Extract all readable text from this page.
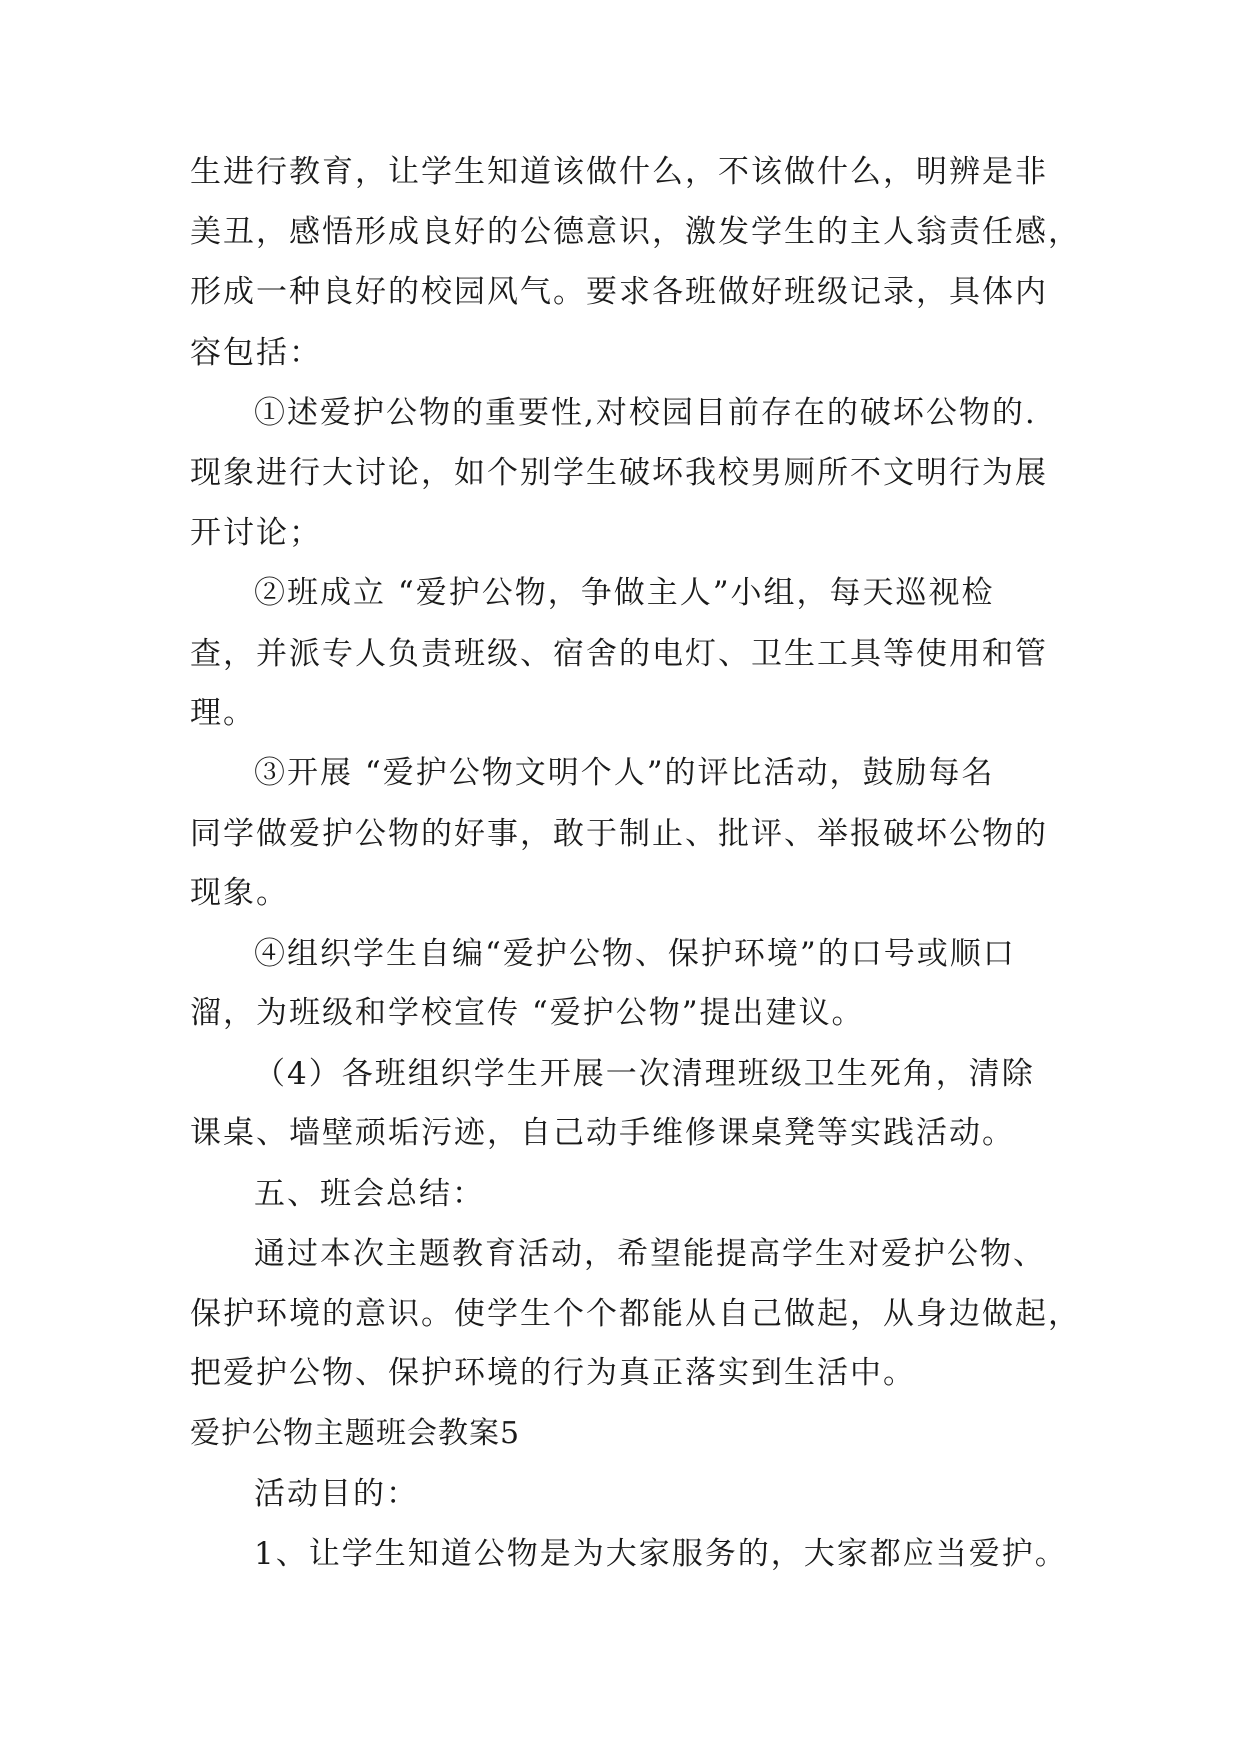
生进行教育，让学生知道该做什么，不该做什么，明辨是非
美丑，感悟形成良好的公德意识，激发学生的主人翁责任感，
形成一种良好的校园风气。要求各班做好班级记录，具体内
容包括：
①述爱护公物的重要性,对校园目前存在的破坏公物的.
现象进行大讨论，如个别学生破坏我校男厕所不文明行为展
开讨论；
②班成立 “爱护公物，争做主人”小组，每天巡视检
查，并派专人负责班级、宿舍的电灯、卫生工具等使用和管
理。
③开展 “爱护公物文明个人”的评比活动，鼓励每名
同学做爱护公物的好事，敢于制止、批评、举报破坏公物的
现象。
④组织学生自编“爱护公物、保护环境”的口号或顺口
溜，为班级和学校宣传 “爱护公物”提出建议。
（4）各班组织学生开展一次清理班级卫生死角，清除
课桌、墙壁顽垢污迹，自己动手维修课桌凳等实践活动。
五、班会总结：
通过本次主题教育活动，希望能提高学生对爱护公物、
保护环境的意识。使学生个个都能从自己做起，从身边做起，
把爱护公物、保护环境的行为真正落实到生活中。
爱护公物主题班会教案5
活动目的：
1、让学生知道公物是为大家服务的，大家都应当爱护。
